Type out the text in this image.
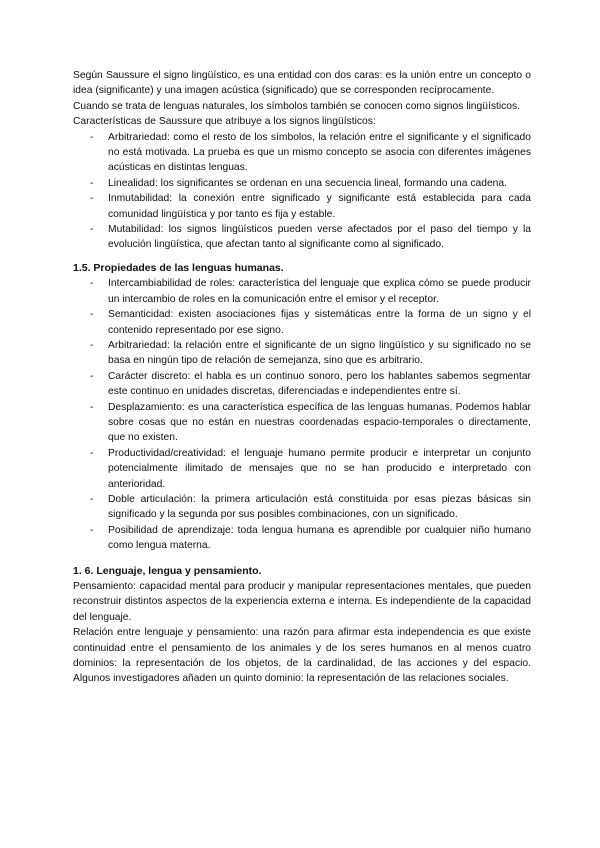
Según Saussure el signo lingüístico, es una entidad con dos caras: es la unión entre un concepto o idea (significante) y una imagen acústica (significado) que se corresponden recíprocamente.

Cuando se trata de lenguas naturales, los símbolos también se conocen como signos lingüísticos.

Características de Saussure que atribuye a los signos lingüísticos:

- Arbitrariedad: como el resto de los símbolos, la relación entre el significante y el significado no está motivada. La prueba es que un mismo concepto se asocia con diferentes imágenes acústicas en distintas lenguas.
- Linealidad: los significantes se ordenan en una secuencia lineal, formando una cadena.
- Inmutabilidad: la conexión entre significado y significante está establecida para cada comunidad lingüística y por tanto es fija y estable.
- Mutabilidad: los signos lingüísticos pueden verse afectados por el paso del tiempo y la evolución lingüística, que afectan tanto al significante como al significado.
1.5. Propiedades de las lenguas humanas.
- Intercambiabilidad de roles: característica del lenguaje que explica cómo se puede producir un intercambio de roles en la comunicación entre el emisor y el receptor.
- Semanticidad: existen asociaciones fijas y sistemáticas entre la forma de un signo y el contenido representado por ese signo.
- Arbitrariedad: la relación entre el significante de un signo lingüístico y su significado no se basa en ningún tipo de relación de semejanza, sino que es arbitrario.
- Carácter discreto: el habla es un continuo sonoro, pero los hablantes sabemos segmentar este continuo en unidades discretas, diferenciadas e independientes entre sí.
- Desplazamiento: es una característica específica de las lenguas humanas. Podemos hablar sobre cosas que no están en nuestras coordenadas espacio-temporales o directamente, que no existen.
- Productividad/creatividad: el lenguaje humano permite producir e interpretar un conjunto potencialmente ilimitado de mensajes que no se han producido e interpretado con anterioridad.
- Doble articulación: la primera articulación está constituida por esas piezas básicas sin significado y la segunda por sus posibles combinaciones, con un significado.
- Posibilidad de aprendizaje: toda lengua humana es aprendible por cualquier niño humano como lengua materna.
1. 6. Lenguaje, lengua y pensamiento.

Pensamiento: capacidad mental para producir y manipular representaciones mentales, que pueden reconstruir distintos aspectos de la experiencia externa e interna. Es independiente de la capacidad del lenguaje.

Relación entre lenguaje y pensamiento: una razón para afirmar esta independencia es que existe continuidad entre el pensamiento de los animales y de los seres humanos en al menos cuatro dominios: la representación de los objetos, de la cardinalidad, de las acciones y del espacio. Algunos investigadores añaden un quinto dominio: la representación de las relaciones sociales.
